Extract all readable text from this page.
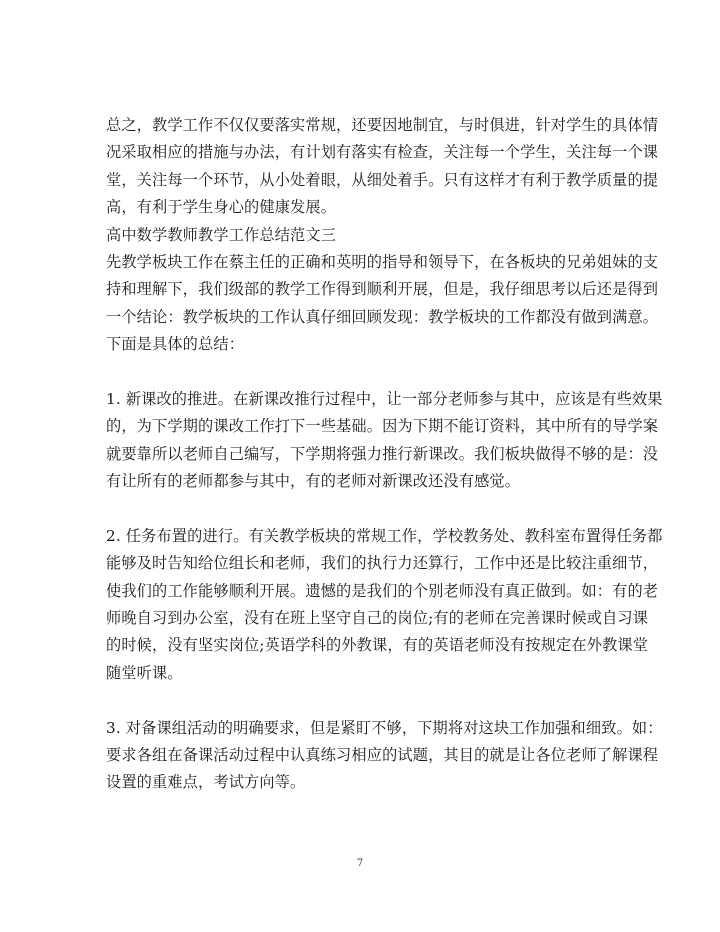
总之，教学工作不仅仅要落实常规，还要因地制宜，与时俱进，针对学生的具体情
况采取相应的措施与办法，有计划有落实有检查，关注每一个学生，关注每一个课
堂，关注每一个环节，从小处着眼，从细处着手。只有这样才有利于教学质量的提
高，有利于学生身心的健康发展。
高中数学教师教学工作总结范文三
先教学板块工作在蔡主任的正确和英明的指导和领导下，在各板块的兄弟姐妹的支
持和理解下，我们级部的教学工作得到顺利开展，但是，我仔细思考以后还是得到
一个结论：教学板块的工作认真仔细回顾发现：教学板块的工作都没有做到满意。
下面是具体的总结：
1. 新课改的推进。在新课改推行过程中，让一部分老师参与其中，应该是有些效果
的，为下学期的课改工作打下一些基础。因为下期不能订资料，其中所有的导学案
就要靠所以老师自己编写，下学期将强力推行新课改。我们板块做得不够的是：没
有让所有的老师都参与其中，有的老师对新课改还没有感觉。
2. 任务布置的进行。有关教学板块的常规工作，学校教务处、教科室布置得任务都
能够及时告知给位组长和老师，我们的执行力还算行，工作中还是比较注重细节，
使我们的工作能够顺利开展。遗憾的是我们的个别老师没有真正做到。如：有的老
师晚自习到办公室，没有在班上坚守自己的岗位;有的老师在完善课时候或自习课
的时候，没有坚实岗位;英语学科的外教课，有的英语老师没有按规定在外教课堂
随堂听课。
3. 对备课组活动的明确要求，但是紧盯不够，下期将对这块工作加强和细致。如：
要求各组在备课活动过程中认真练习相应的试题，其目的就是让各位老师了解课程
设置的重难点，考试方向等。
7
